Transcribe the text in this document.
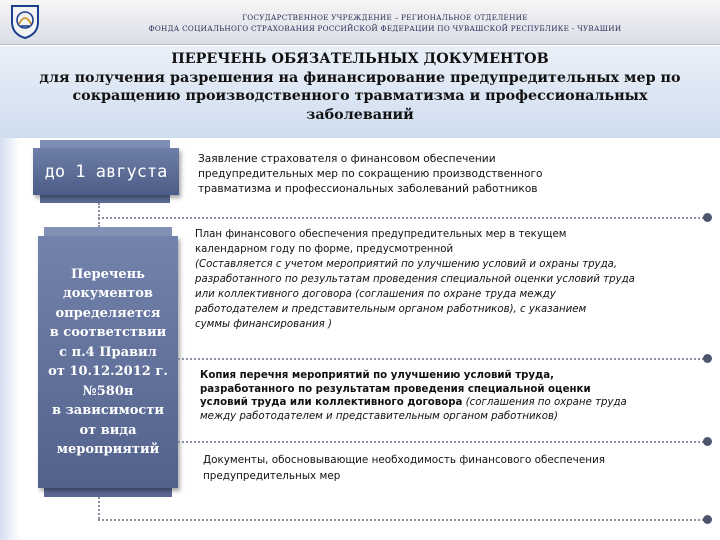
ГОСУДАРСТВЕННОЕ УЧРЕЖДЕНИЕ – РЕГИОНАЛЬНОЕ ОТДЕЛЕНИЕ
ФОНДА СОЦИАЛЬНОГО СТРАХОВАНИЯ РОССИЙСКОЙ ФЕДЕРАЦИИ ПО ЧУВАШСКОЙ РЕСПУБЛИКЕ - ЧУВАШИИ
ПЕРЕЧЕНЬ ОБЯЗАТЕЛЬНЫХ ДОКУМЕНТОВ
для получения разрешения на финансирование предупредительных мер по
сокращению производственного травматизма и профессиональных
заболеваний
до 1 августа
Перечень
документов
определяется
в соответствии
с п.4 Правил
от 10.12.2012 г.
№580н
в зависимости
от вида
мероприятий
Заявление страхователя о финансовом обеспечении
предупредительных мер по сокращению производственного
травматизма и профессиональных заболеваний работников
План финансового обеспечения предупредительных мер в текущем
календарном году по форме, предусмотренной
(Составляется с учетом мероприятий по улучшению условий и охраны труда,
разработанного по результатам проведения специальной оценки условий труда
или коллективного договора (соглашения по охране труда между
работодателем и представительным органом работников), с указанием
суммы финансирования )
Копия перечня мероприятий по улучшению условий труда,
разработанного по результатам проведения специальной оценки
условий труда или коллективного договора (соглашения по охране труда
между работодателем и представительным органом работников)
Документы, обосновывающие необходимость финансового обеспечения
предупредительных мер
